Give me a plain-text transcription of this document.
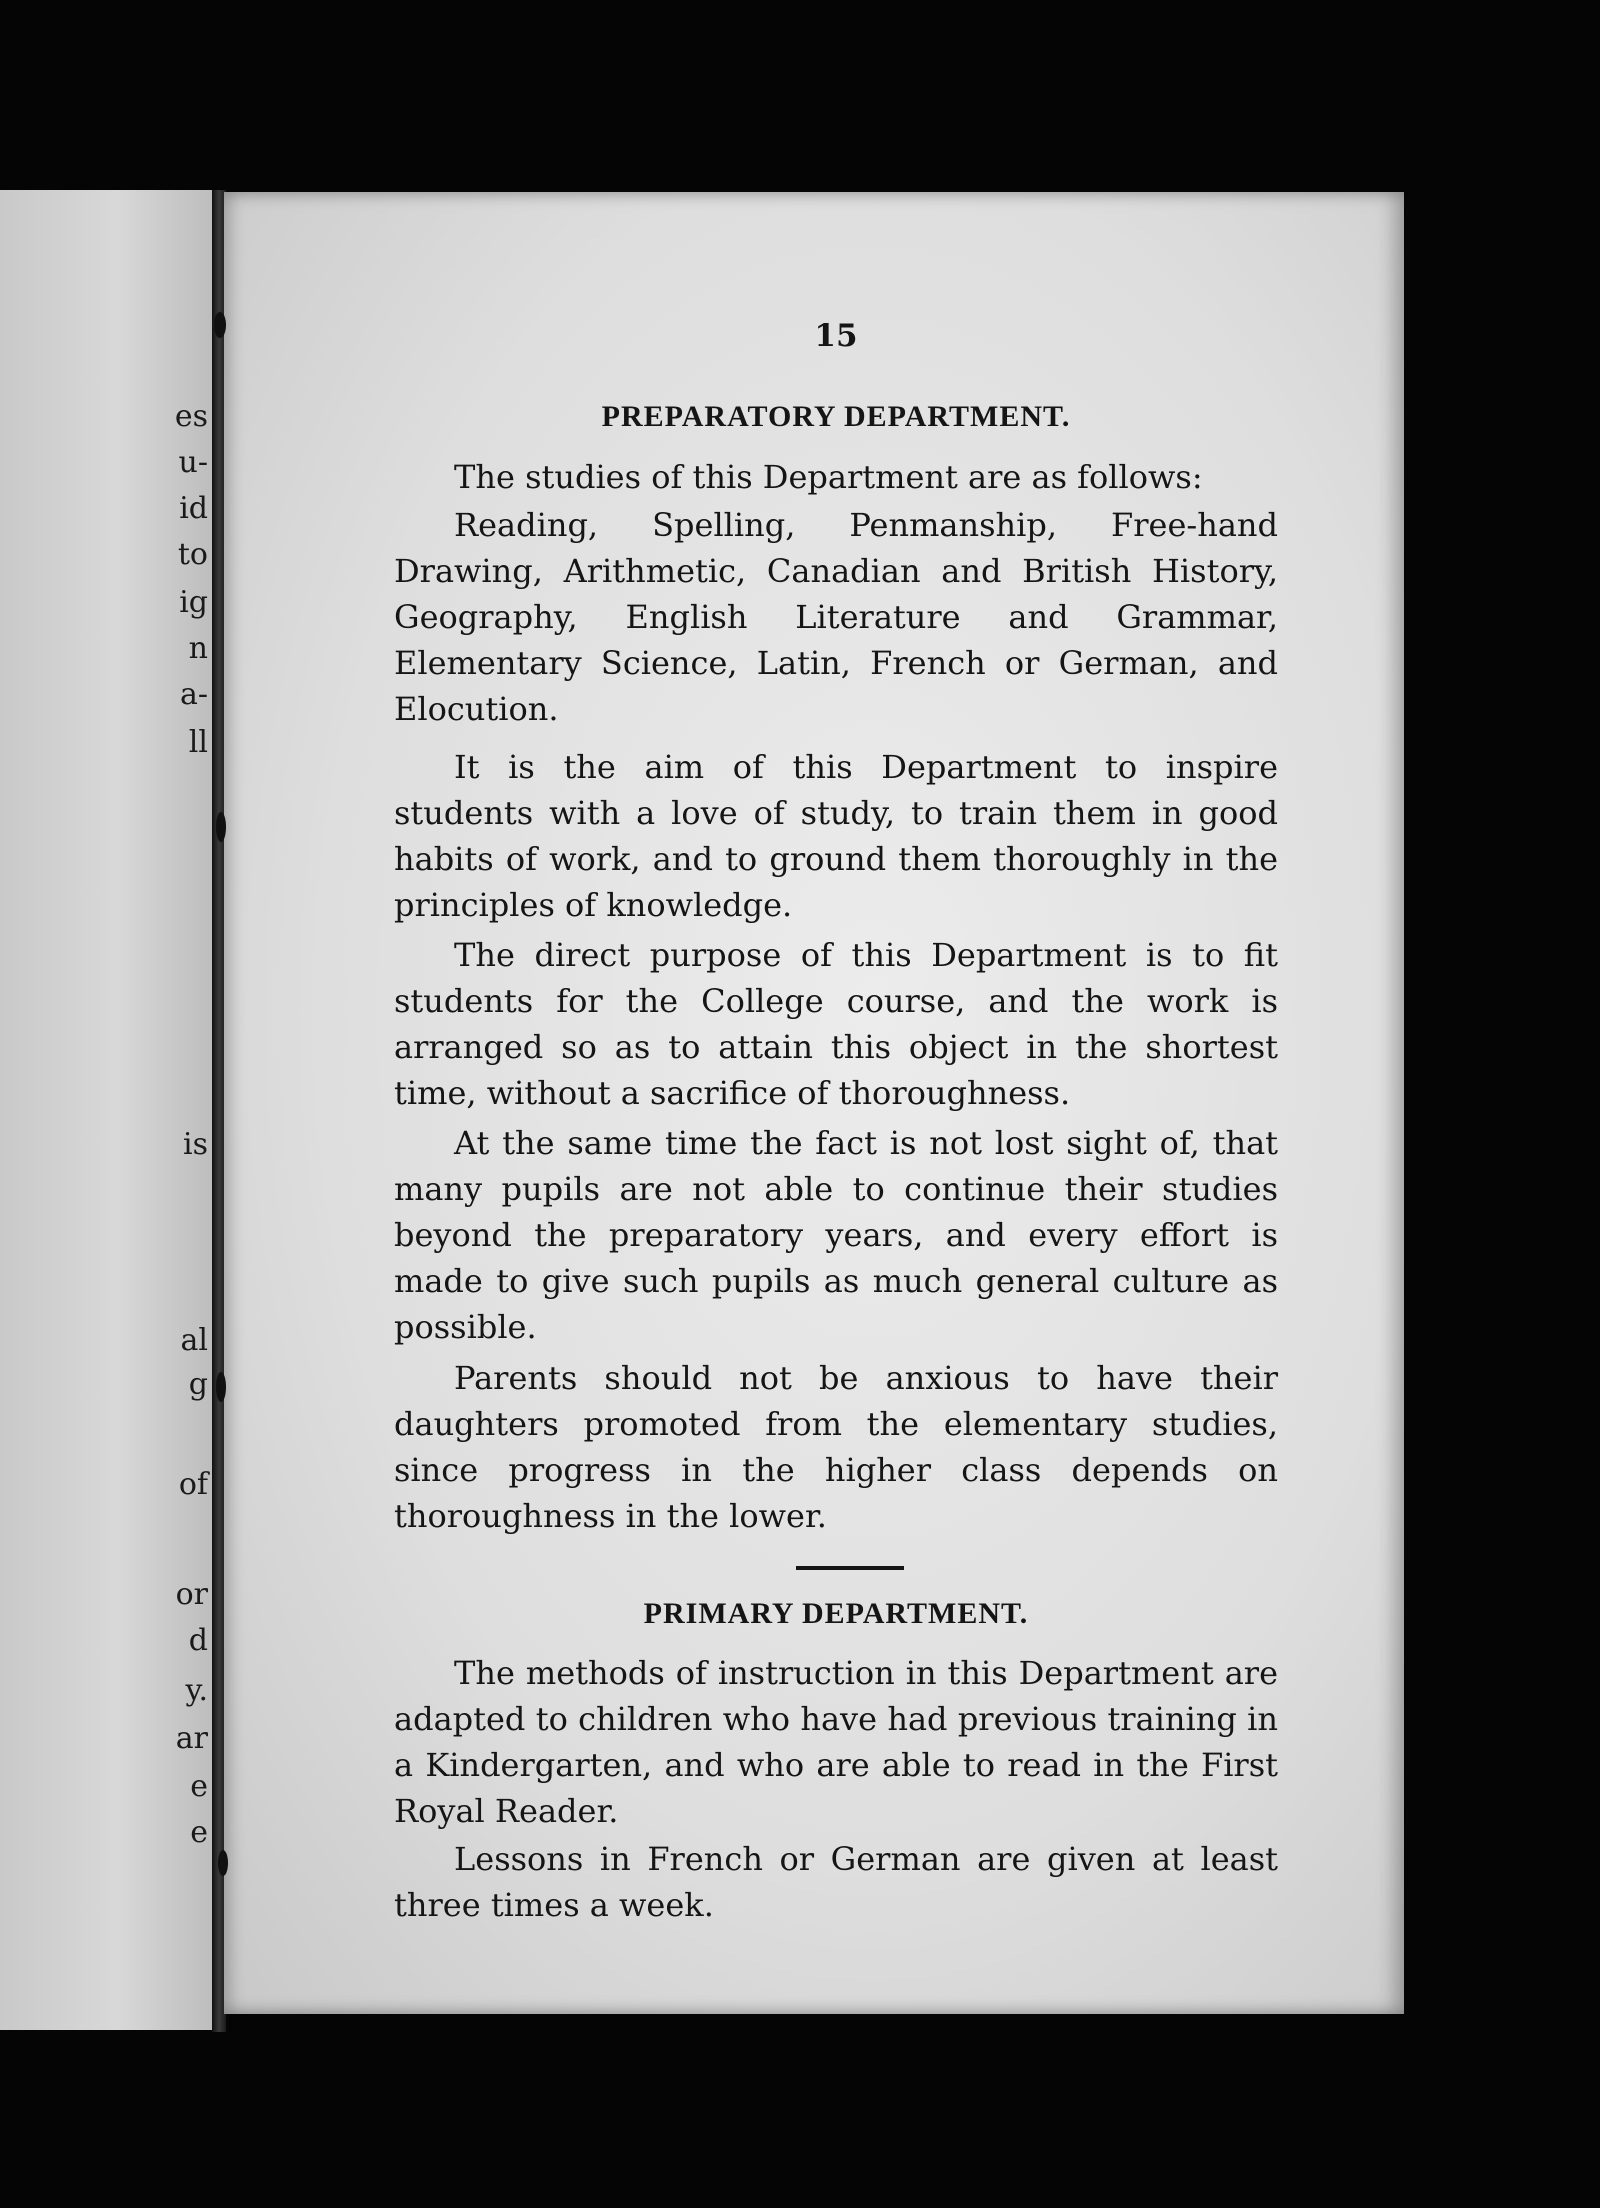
es
u-
id
to
ig
n
a-
ll
is
al
g
of
or
d
y.
ar
e
e
15
PREPARATORY DEPARTMENT.

The studies of this Department are as follows:

Reading, Spelling, Penmanship, Free-hand Drawing, Arithmetic, Canadian and British History, Geography, English Literature and Grammar, Elementary Science, Latin, French or German, and Elocution.

It is the aim of this Department to inspire students with a love of study, to train them in good habits of work, and to ground them thoroughly in the principles of knowledge.

The direct purpose of this Department is to fit students for the College course, and the work is arranged so as to attain this object in the shortest time, without a sacrifice of thoroughness.

At the same time the fact is not lost sight of, that many pupils are not able to continue their studies beyond the preparatory years, and every effort is made to give such pupils as much general culture as possible.

Parents should not be anxious to have their daughters promoted from the elementary studies, since progress in the higher class depends on thoroughness in the lower.

PRIMARY DEPARTMENT.

The methods of instruction in this Department are adapted to children who have had previous training in a Kindergarten, and who are able to read in the First Royal Reader.

Lessons in French or German are given at least three times a week.
